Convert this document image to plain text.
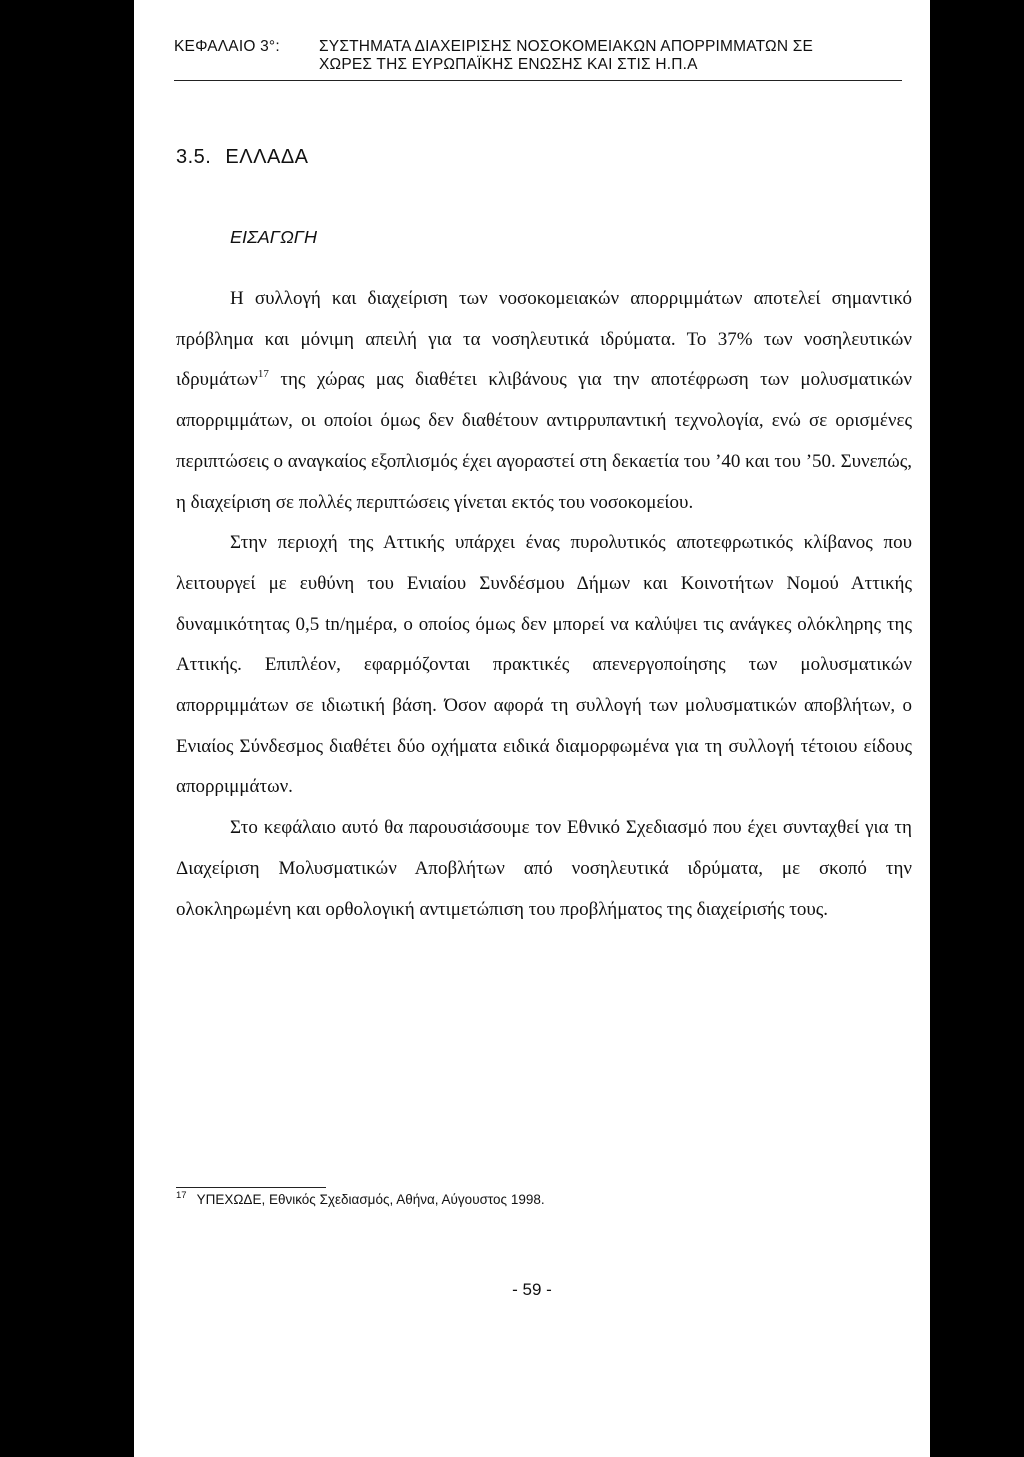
ΚΕΦΑΛΑΙΟ 3°:	ΣΥΣΤΗΜΑΤΑ ΔΙΑΧΕΙΡΙΣΗΣ ΝΟΣΟΚΟΜΕΙΑΚΩΝ ΑΠΟΡΡΙΜΜΑΤΩΝ ΣΕ
ΧΩΡΕΣ ΤΗΣ ΕΥΡΩΠΑΪΚΗΣ ΕΝΩΣΗΣ ΚΑΙ ΣΤΙΣ Η.Π.Α
3.5. ΕΛΛΑΔΑ
ΕΙΣΑΓΩΓΗ

Η συλλογή και διαχείριση των νοσοκομειακών απορριμμάτων αποτελεί σημαντικό πρόβλημα και μόνιμη απειλή για τα νοσηλευτικά ιδρύματα. Το 37% των νοσηλευτικών ιδρυμάτων$^{17}$ της χώρας μας διαθέτει κλιβάνους για την αποτέφρωση των μολυσματικών απορριμμάτων, οι οποίοι όμως δεν διαθέτουν αντιρρυπαντική τεχνολογία, ενώ σε ορισμένες περιπτώσεις ο αναγκαίος εξοπλισμός έχει αγοραστεί στη δεκαετία του ’40 και του ’50. Συνεπώς, η διαχείριση σε πολλές περιπτώσεις γίνεται εκτός του νοσοκομείου.

Στην περιοχή της Αττικής υπάρχει ένας πυρολυτικός αποτεφρωτικός κλίβανος που λειτουργεί με ευθύνη του Ενιαίου Συνδέσμου Δήμων και Κοινοτήτων Νομού Αττικής δυναμικότητας 0,5 tn/ημέρα, ο οποίος όμως δεν μπορεί να καλύψει τις ανάγκες ολόκληρης της Αττικής. Επιπλέον, εφαρμόζονται πρακτικές απενεργοποίησης των μολυσματικών απορριμμάτων σε ιδιωτική βάση. Όσον αφορά τη συλλογή των μολυσματικών αποβλήτων, ο Ενιαίος Σύνδεσμος διαθέτει δύο οχήματα ειδικά διαμορφωμένα για τη συλλογή τέτοιου είδους απορριμμάτων.

Στο κεφάλαιο αυτό θα παρουσιάσουμε τον Εθνικό Σχεδιασμό που έχει συνταχθεί για τη Διαχείριση Μολυσματικών Αποβλήτων από νοσηλευτικά ιδρύματα, με σκοπό την ολοκληρωμένη και ορθολογική αντιμετώπιση του προβλήματος της διαχείρισής τους.

$^{17}$ ΥΠΕΧΩΔΕ, Εθνικός Σχεδιασμός, Αθήνα, Αύγουστος 1998.
- 59 -
